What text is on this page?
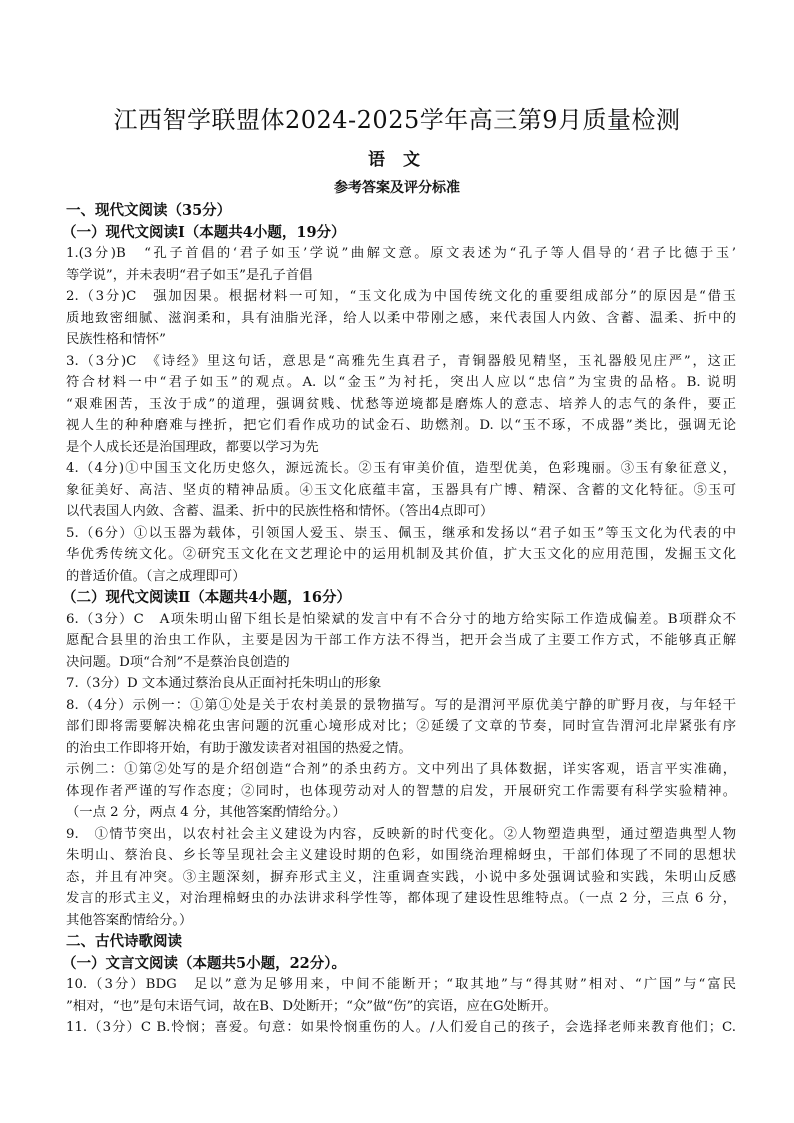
江西智学联盟体2024-2025学年高三第9月质量检测
语 文
参考答案及评分标准
一、现代文阅读（35分）
（一）现代文阅读Ⅰ（本题共4小题，19分）
1.(3分)B　“孔子首倡的‘君子如玉’学说”曲解文意。原文表述为“孔子等人倡导的‘君子比德于玉’
等学说”，并未表明“君子如玉”是孔子首倡
2.（3分)C　强加因果。根据材料一可知，“玉文化成为中国传统文化的重要组成部分”的原因是“借玉
质地致密细腻、滋润柔和，具有油脂光泽，给人以柔中带刚之感，来代表国人内敛、含蓄、温柔、折中的
民族性格和情怀”
3.（3分)C　《诗经》里这句话，意思是“高雅先生真君子，青铜器般见精坚，玉礼器般见庄严”，这正
符合材料一中“君子如玉”的观点。A. 以“金玉”为衬托，突出人应以“忠信”为宝贵的品格。B. 说明
“艰难困苦，玉汝于成”的道理，强调贫贱、忧愁等逆境都是磨炼人的意志、培养人的志气的条件，要正
视人生的种种磨难与挫折，把它们看作成功的试金石、助燃剂。D. 以“玉不琢，不成器”类比，强调无论
是个人成长还是治国理政，都要以学习为先
4.（4分)①中国玉文化历史悠久，源远流长。②玉有审美价值，造型优美，色彩瑰丽。③玉有象征意义，
象征美好、高洁、坚贞的精神品质。④玉文化底蕴丰富，玉器具有广博、精深、含蓄的文化特征。⑤玉可
以代表国人内敛、含蓄、温柔、折中的民族性格和情怀。（答出4点即可）
5.（6分）①以玉器为载体，引领国人爱玉、崇玉、佩玉，继承和发扬以“君子如玉”等玉文化为代表的中
华优秀传统文化。②研究玉文化在文艺理论中的运用机制及其价值，扩大玉文化的应用范围，发掘玉文化
的普适价值。（言之成理即可）
（二）现代文阅读Ⅱ（本题共4小题，16分）
6.（3分）C　A项朱明山留下组长是怕梁斌的发言中有不合分寸的地方给实际工作造成偏差。B项群众不
愿配合县里的治虫工作队，主要是因为干部工作方法不得当，把开会当成了主要工作方式，不能够真正解
决问题。D项“合剂”不是蔡治良创造的
7.（3分）D 文本通过蔡治良从正面衬托朱明山的形象
8.（4分）示例一：①第①处是关于农村美景的景物描写。写的是渭河平原优美宁静的旷野月夜，与年轻干
部们即将需要解决棉花虫害问题的沉重心境形成对比；②延缓了文章的节奏，同时宣告渭河北岸紧张有序
的治虫工作即将开始，有助于激发读者对祖国的热爱之情。
示例二：①第②处写的是介绍创造“合剂”的杀虫药方。文中列出了具体数据，详实客观，语言平实准确，
体现作者严谨的写作态度；②同时，也体现劳动对人的智慧的启发，开展研究工作需要有科学实验精神。
（一点 2 分，两点 4 分，其他答案酌情给分。）
9.　①情节突出，以农村社会主义建设为内容，反映新的时代变化。②人物塑造典型，通过塑造典型人物
朱明山、蔡治良、乡长等呈现社会主义建设时期的色彩，如围绕治理棉蚜虫，干部们体现了不同的思想状
态，并且有冲突。③主题深刻，摒弃形式主义，注重调查实践，小说中多处强调试验和实践，朱明山反感
发言的形式主义，对治理棉蚜虫的办法讲求科学性等，都体现了建设性思维特点。（一点 2 分，三点 6 分，
其他答案酌情给分。）
二、古代诗歌阅读
（一）文言文阅读（本题共5小题，22分）。
10.（3分）BDG　足以”意为足够用来，中间不能断开；“取其地”与“得其财”相对、“广国”与“富民
”相对，“也”是句末语气词，故在B、D处断开；“众”做“伤”的宾语，应在G处断开。
11.（3分）C B.怜悯；喜爱。句意：如果怜悯重伤的人。/人们爱自己的孩子，会选择老师来教育他们；C.
